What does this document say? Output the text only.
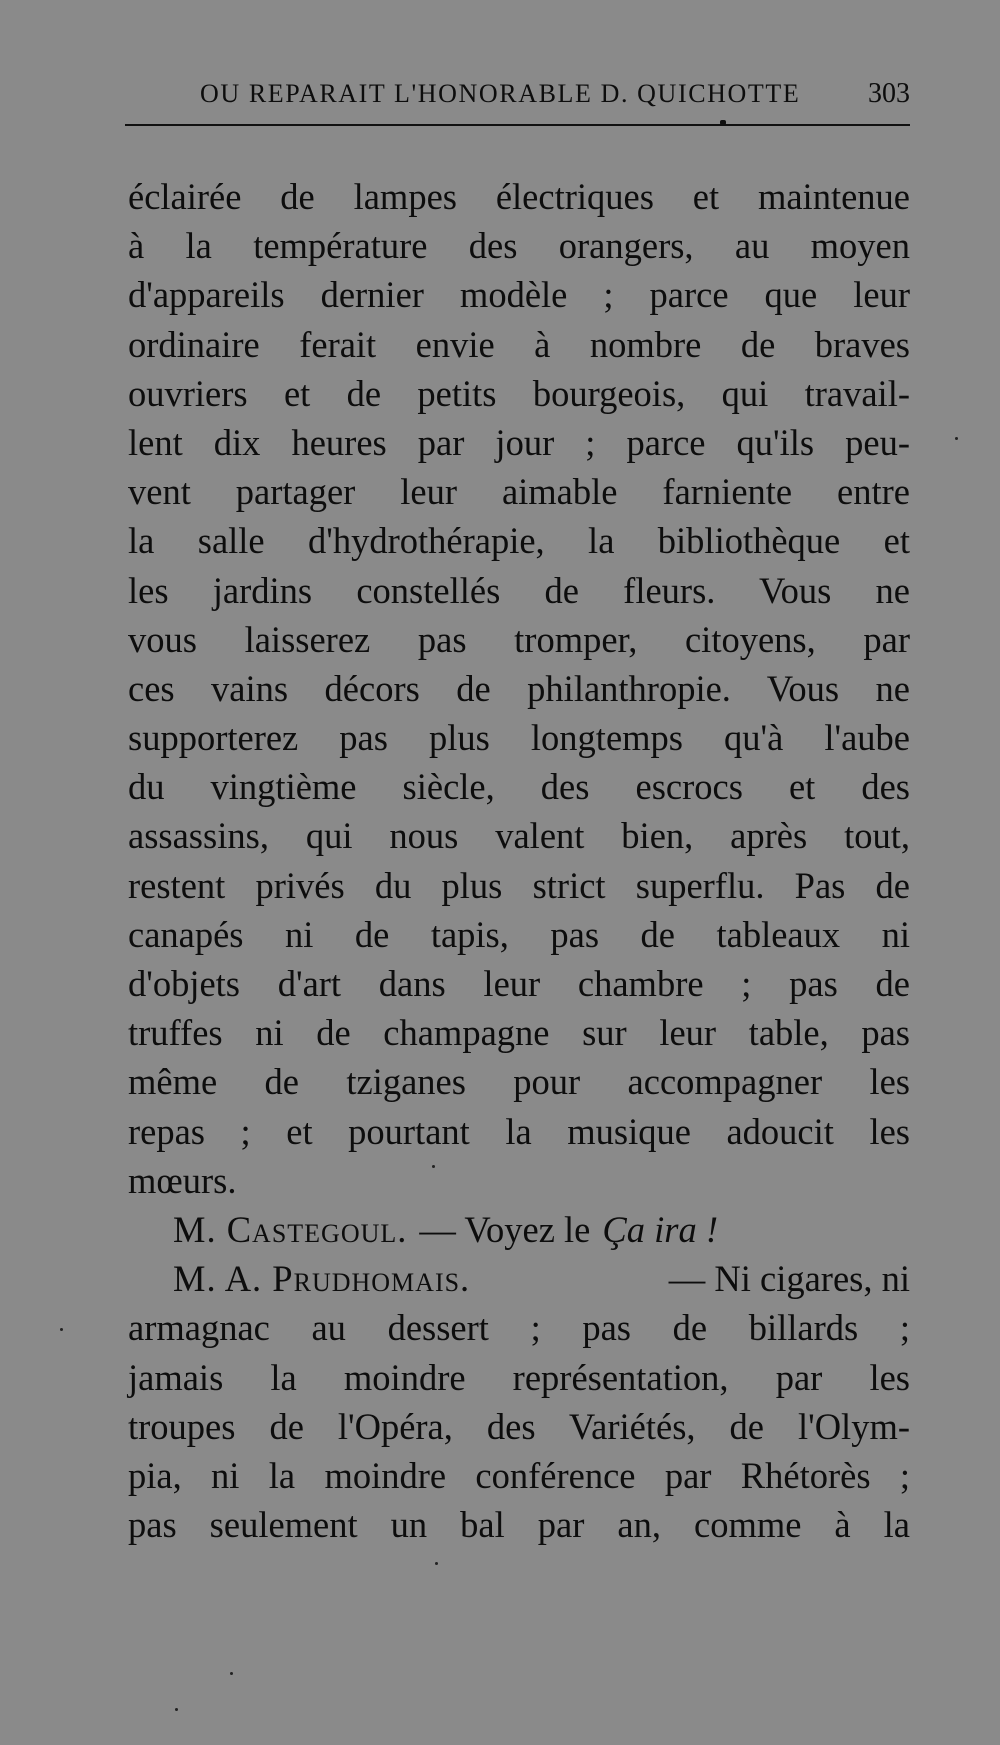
OU REPARAIT L'HONORABLE D. QUICHOTTE 303
éclairée de lampes électriques et maintenue
à la température des orangers, au moyen
d'appareils dernier modèle ; parce que leur
ordinaire ferait envie à nombre de braves
ouvriers et de petits bourgeois, qui travail-
lent dix heures par jour ; parce qu'ils peu-
vent partager leur aimable farniente entre
la salle d'hydrothérapie, la bibliothèque et
les jardins constellés de fleurs. Vous ne
vous laisserez pas tromper, citoyens, par
ces vains décors de philanthropie. Vous ne
supporterez pas plus longtemps qu'à l'aube
du vingtième siècle, des escrocs et des
assassins, qui nous valent bien, après tout,
restent privés du plus strict superflu. Pas de
canapés ni de tapis, pas de tableaux ni
d'objets d'art dans leur chambre ; pas de
truffes ni de champagne sur leur table, pas
même de tziganes pour accompagner les
repas ; et pourtant la musique adoucit les
mœurs.
M. Castegoul. — Voyez le Ça ira !
M. A. Prudhomais.	— Ni cigares, ni
armagnac au dessert ; pas de billards ;
jamais la moindre représentation, par les
troupes de l'Opéra, des Variétés, de l'Olym-
pia, ni la moindre conférence par Rhétorès ;
pas seulement un bal par an, comme à la
